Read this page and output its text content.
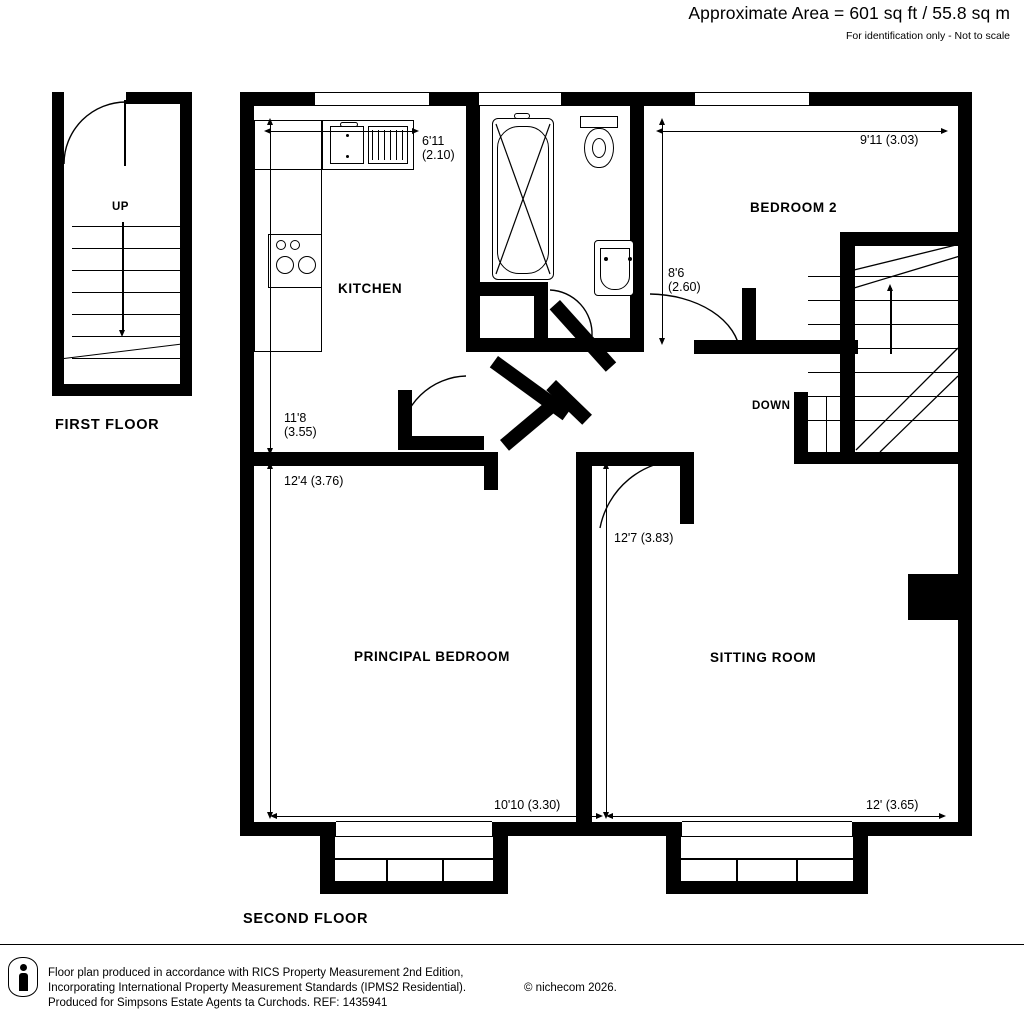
Approximate Area = 601 sq ft / 55.8 sq m
For identification only - Not to scale
UP
FIRST FLOOR
KITCHEN
DOWN
BEDROOM 2
PRINCIPAL BEDROOM	SITTING ROOM
6'11
(2.10)
9'11 (3.03)
8'6
(2.60)
11'8
(3.55)
12'4 (3.76)
12'7 (3.83)
10'10 (3.30)	12' (3.65)
SECOND FLOOR
Floor plan produced in accordance with RICS Property Measurement 2nd Edition,
Incorporating International Property Measurement Standards (IPMS2 Residential).	© nichecom 2026.
Produced for Simpsons Estate Agents ta Curchods. REF: 1435941
